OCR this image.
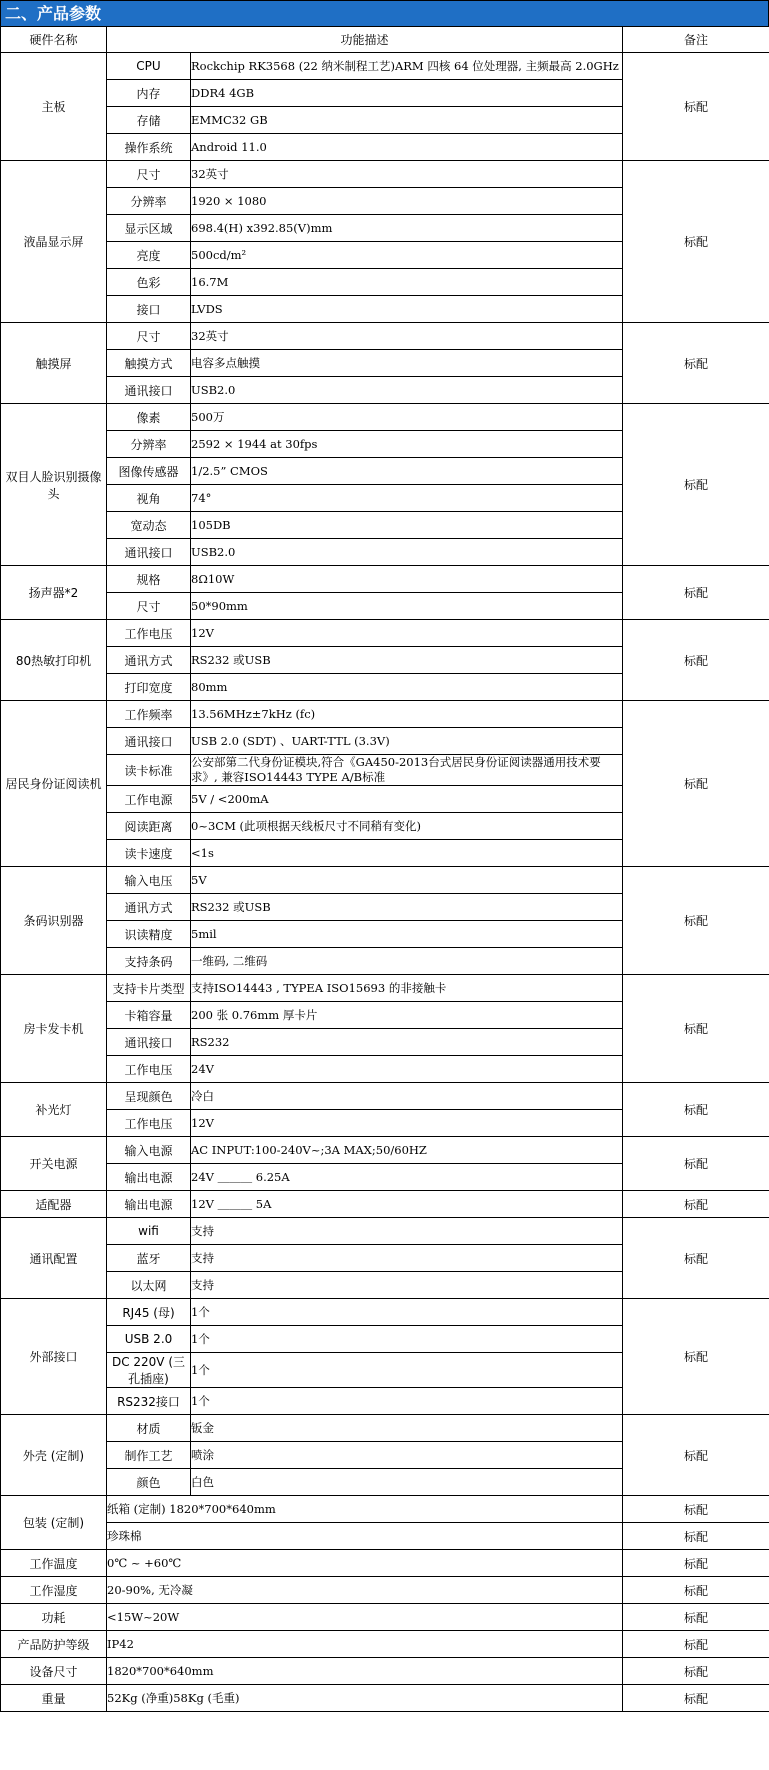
二、产品参数
硬件名称	功能描述		备注
主板	CPU	Rockchip RK3568 (22 纳米制程工艺)ARM 四核 64 位处理器, 主频最高 2.0GHz	标配
	内存	DDR4 4GB	
	存储	EMMC32 GB	
	操作系统	Android 11.0	
液晶显示屏	尺寸	32英寸	标配
	分辨率	1920 × 1080	
	显示区域	698.4(H) x392.85(V)mm	
	亮度	500cd/m²	
	色彩	16.7M	
	接口	LVDS	
触摸屏	尺寸	32英寸	标配
	触摸方式	电容多点触摸	
	通讯接口	USB2.0	
双目人脸识别摄像头	像素	500万	标配
	分辨率	2592 × 1944 at 30fps	
	图像传感器	1/2.5” CMOS	
	视角	74°	
	宽动态	105DB	
	通讯接口	USB2.0	
扬声器*2	规格	8Ω10W	标配
	尺寸	50*90mm	
80热敏打印机	工作电压	12V	标配
	通讯方式	RS232 或USB	
	打印宽度	80mm	
居民身份证阅读机	工作频率	13.56MHz±7kHz (fc)	标配
	通讯接口	USB 2.0 (SDT) 、UART-TTL (3.3V)	
	读卡标准	公安部第二代身份证模块,符合《GA450-2013台式居民身份证阅读器通用技术要求》, 兼容ISO14443 TYPE A/B标准	
	工作电源	5V / <200mA	
	阅读距离	0~3CM (此项根据天线板尺寸不同稍有变化)	
	读卡速度	<1s	
条码识别器	输入电压	5V	标配
	通讯方式	RS232 或USB	
	识读精度	5mil	
	支持条码	一维码, 二维码	
房卡发卡机	支持卡片类型	支持ISO14443 , TYPEA ISO15693 的非接触卡	标配
	卡箱容量	200 张 0.76mm 厚卡片	
	通讯接口	RS232	
	工作电压	24V	
补光灯	呈现颜色	冷白	标配
	工作电压	12V	
开关电源	输入电源	AC INPUT:100-240V~;3A MAX;50/60HZ	标配
	输出电源	24V ＿＿＿ 6.25A	
适配器	输出电源	12V ＿＿＿ 5A	标配
通讯配置	wifi	支持	标配
	蓝牙	支持	
	以太网	支持	
外部接口	RJ45 (母)	1个	标配
	USB 2.0	1个	
	DC 220V (三孔插座)	1个	
	RS232接口	1个	
外壳 (定制)	材质	钣金	标配
	制作工艺	喷涂	
	颜色	白色	
包装 (定制)	纸箱 (定制) 1820*700*640mm		标配
	珍珠棉		标配
工作温度	0℃ ~ +60℃		标配
工作湿度	20-90%, 无冷凝		标配
功耗	<15W~20W		标配
产品防护等级	IP42		标配
设备尺寸	1820*700*640mm		标配
重量	52Kg (净重)58Kg (毛重)		标配
